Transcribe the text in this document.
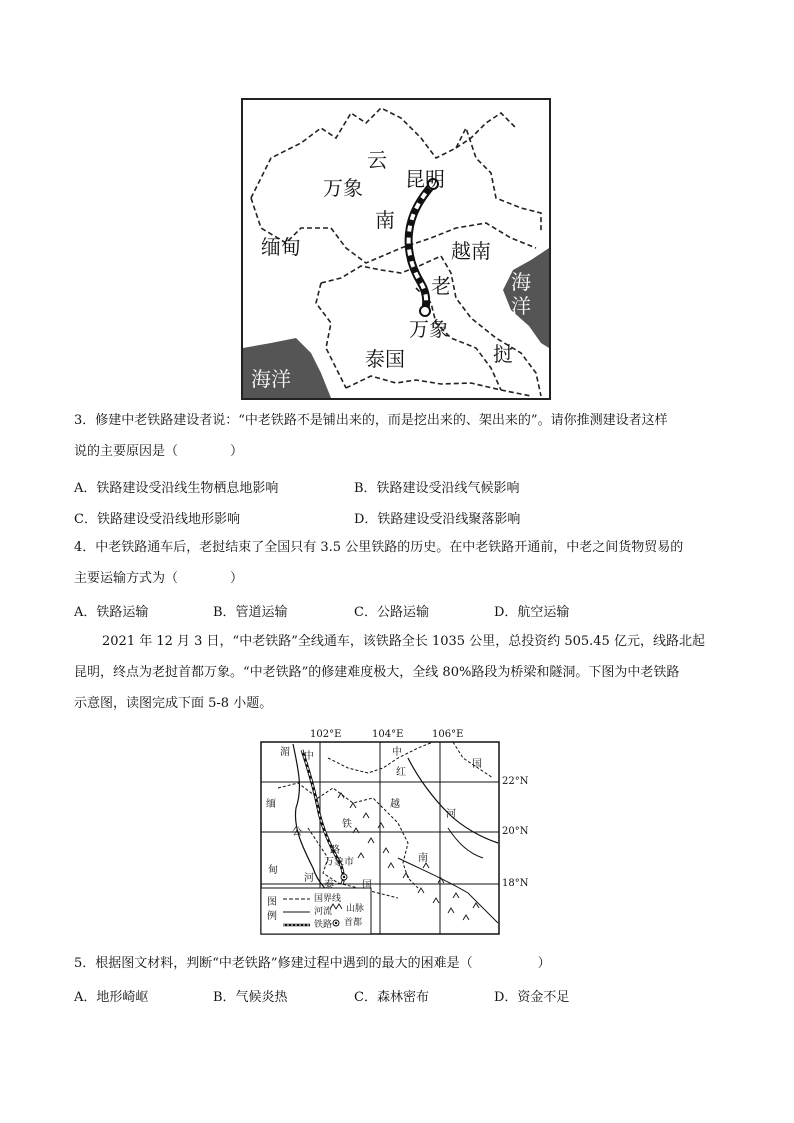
云
万象 昆明
南
缅甸	越南
海洋
老
万象
泰国	挝
海洋
3．修建中老铁路建设者说：“中老铁路不是铺出来的，而是挖出来的、架出来的”。请你推测建设者这样
说的主要原因是（　　　　）
A．铁路建设受沿线生物栖息地影响	B．铁路建设受沿线气候影响
C．铁路建设受沿线地形影响	D．铁路建设受沿线聚落影响
4．中老铁路通车后，老挝结束了全国只有 3.5 公里铁路的历史。在中老铁路开通前，中老之间货物贸易的
主要运输方式为（　　　　）
A．铁路运输	B．管道运输	C．公路运输	D．航空运输
2021 年 12 月 3 日，“中老铁路”全线通车，该铁路全长 1035 公里，总投资约 505.45 亿元，线路北起
昆明，终点为老挝首都万象。“中老铁路”的修建难度极大，全线 80%路段为桥梁和隧洞。下图为中老铁路
示意图，读图完成下面 5-8 小题。
102°E	104°E	106°E
22°N
20°N
18°N
湄 中	中
红
国
缅	越
河
公
铁
路
万象市	南
甸
河
泰	国
图
例
国界线
河流
铁路
山脉
首都
5．根据图文材料，判断“中老铁路”修建过程中遇到的最大的困难是（　　　　　）
A．地形崎岖	B．气候炎热	C．森林密布	D．资金不足
